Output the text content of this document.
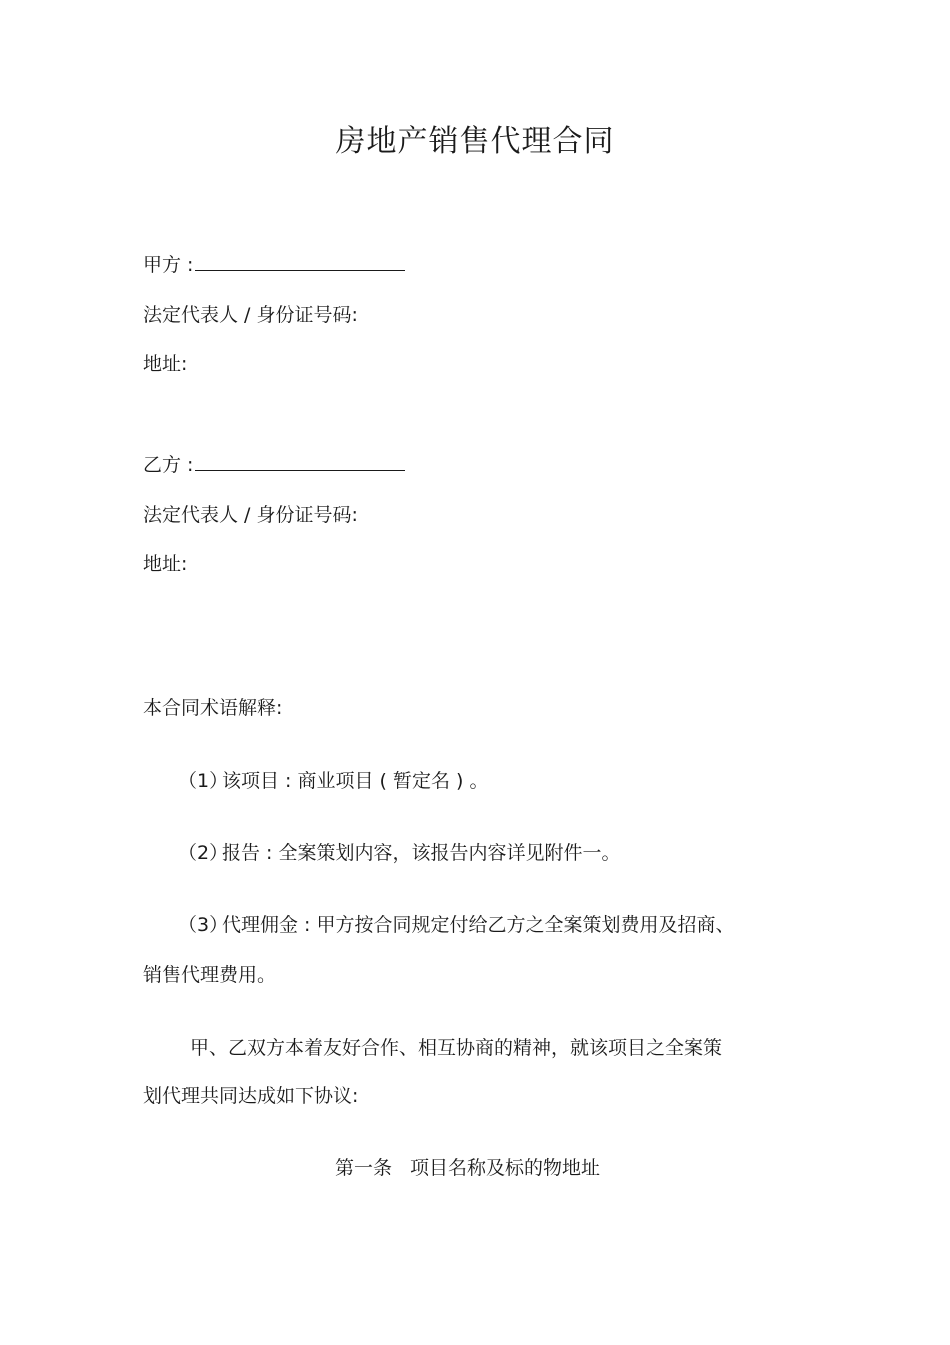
房地产销售代理合同
甲方 :
法定代表人 / 身份证号码:
地址:
乙方 :
法定代表人 / 身份证号码:
地址:
本合同术语解释:
（1）该项目 : 商业项目 ( 暂定名 ) 。
（2）报告 : 全案策划内容，该报告内容详见附件一。
（3）代理佣金 : 甲方按合同规定付给乙方之全案策划费用及招商、
销售代理费用。
甲、乙双方本着友好合作、相互协商的精神，就该项目之全案策
划代理共同达成如下协议:
第一条   项目名称及标的物地址
